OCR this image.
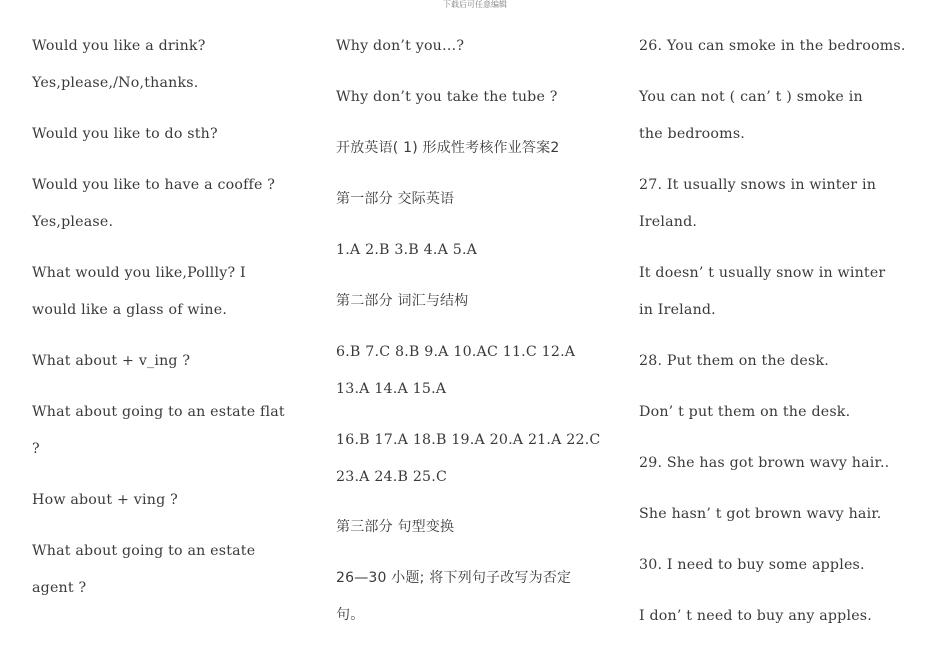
下载后可任意编辑
Would you like a drink?
Yes,please,/No,thanks.
Would you like to do sth?
Would you like to have a cooffe ?
Yes,please.
What would you like,Pollly? I
would like a glass of wine.
What about + v_ing ?
What about going to an estate flat
?
How about + ving ?
What about going to an estate
agent ?
Why don’t you…?
Why don’t you take the tube ?
开放英语( 1) 形成性考核作业答案2
第一部分 交际英语
1.A 2.B 3.B 4.A 5.A
第二部分 词汇与结构
6.B 7.C 8.B 9.A 10.AC 11.C 12.A
13.A 14.A 15.A
16.B 17.A 18.B 19.A 20.A 21.A 22.C
23.A 24.B 25.C
第三部分 句型变换
26—30 小题; 将下列句子改写为否定
句。
26. You can smoke in the bedrooms.
You can not ( can’ t ) smoke in
the bedrooms.
27. It usually snows in winter in
Ireland.
It doesn’ t usually snow in winter
in Ireland.
28. Put them on the desk.
Don’ t put them on the desk.
29. She has got brown wavy hair..
She hasn’ t got brown wavy hair.
30. I need to buy some apples.
I don’ t need to buy any apples.
